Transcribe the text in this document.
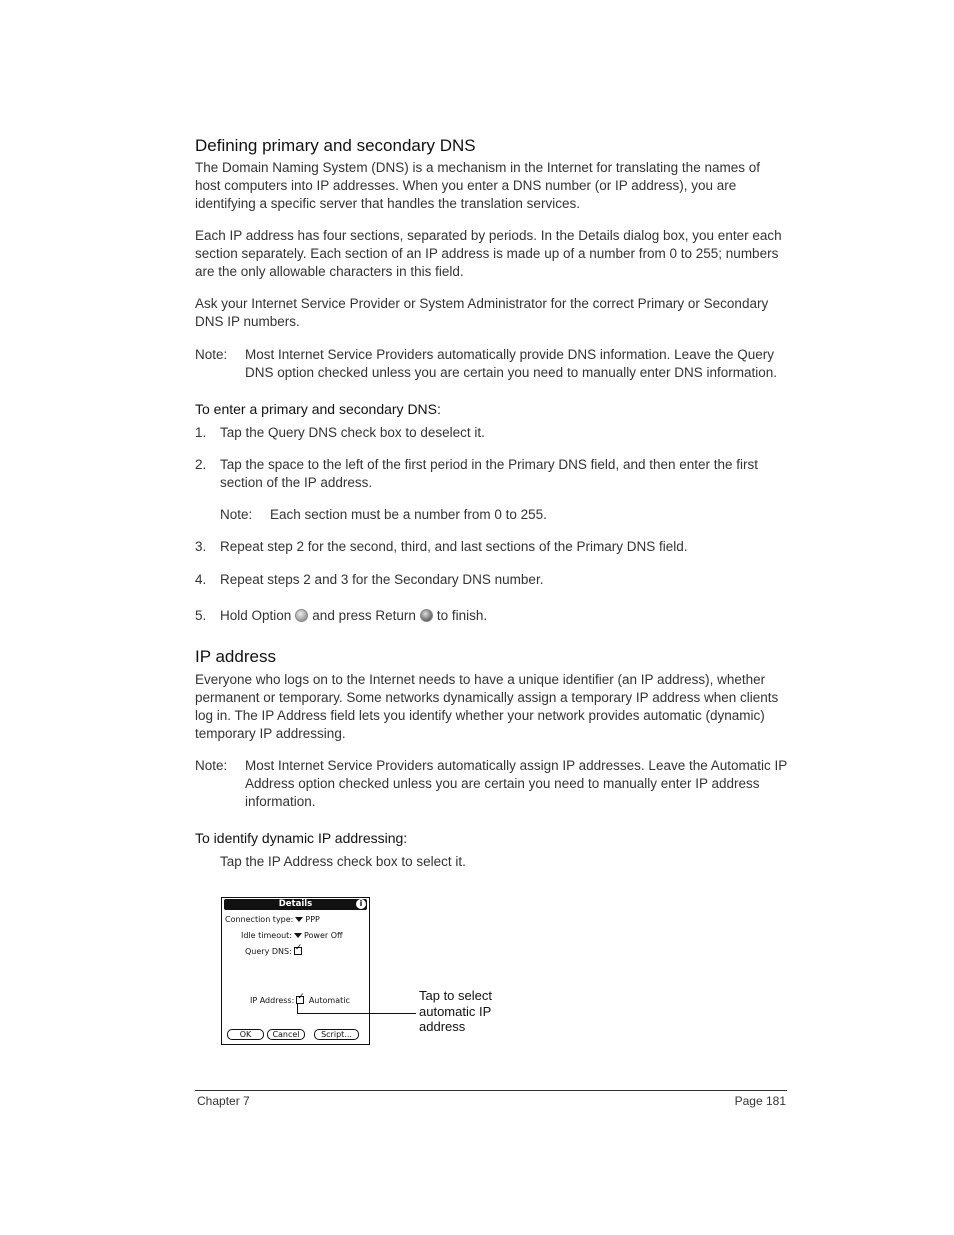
Defining primary and secondary DNS

The Domain Naming System (DNS) is a mechanism in the Internet for translating the names of host computers into IP addresses. When you enter a DNS number (or IP address), you are identifying a specific server that handles the translation services.

Each IP address has four sections, separated by periods. In the Details dialog box, you enter each section separately. Each section of an IP address is made up of a number from 0 to 255; numbers are the only allowable characters in this field.

Ask your Internet Service Provider or System Administrator for the correct Primary or Secondary DNS IP numbers.

Note: Most Internet Service Providers automatically provide DNS information. Leave the Query DNS option checked unless you are certain you need to manually enter DNS information.
To enter a primary and secondary DNS:
1. Tap the Query DNS check box to deselect it.
2. Tap the space to the left of the first period in the Primary DNS field, and then enter the first section of the IP address.
Note: Each section must be a number from 0 to 255.
3. Repeat step 2 for the second, third, and last sections of the Primary DNS field.
4. Repeat steps 2 and 3 for the Secondary DNS number.
5. Hold Option and press Return to finish.
IP address

Everyone who logs on to the Internet needs to have a unique identifier (an IP address), whether permanent or temporary. Some networks dynamically assign a temporary IP address when clients log in. The IP Address field lets you identify whether your network provides automatic (dynamic) temporary IP addressing.

Note: Most Internet Service Providers automatically assign IP addresses. Leave the Automatic IP Address option checked unless you are certain you need to manually enter IP address information.
To identify dynamic IP addressing:
Tap the IP Address check box to select it.
Details	i
Connection type: PPP
Idle timeout: Power Off
Query DNS:✓
IP Address:✓ Automatic
OK	Cancel	Script...
Tap to select automatic IP address
Chapter 7	Page 181
